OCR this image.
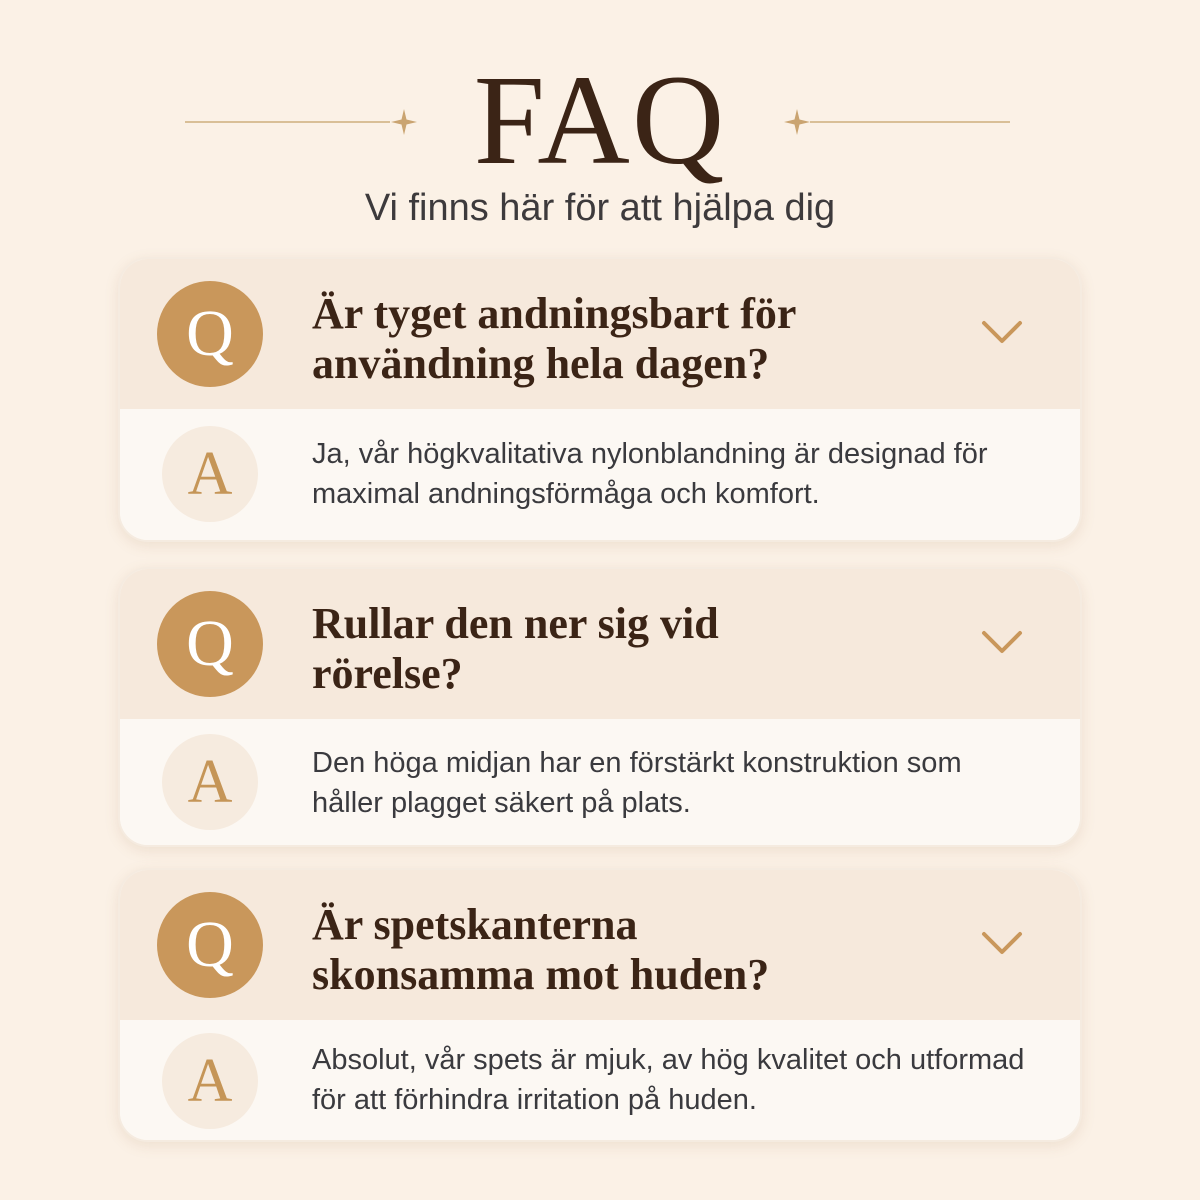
FAQ
Vi finns här för att hjälpa dig
Q	Är tyget andningsbart för användning hela dagen?
A	Ja, vår högkvalitativa nylonblandning är designad för maximal andningsförmåga och komfort.
Q	Rullar den ner sig vid rörelse?
A	Den höga midjan har en förstärkt konstruktion som håller plagget säkert på plats.
Q	Är spetskanterna skonsamma mot huden?
A	Absolut, vår spets är mjuk, av hög kvalitet och utformad för att förhindra irritation på huden.
